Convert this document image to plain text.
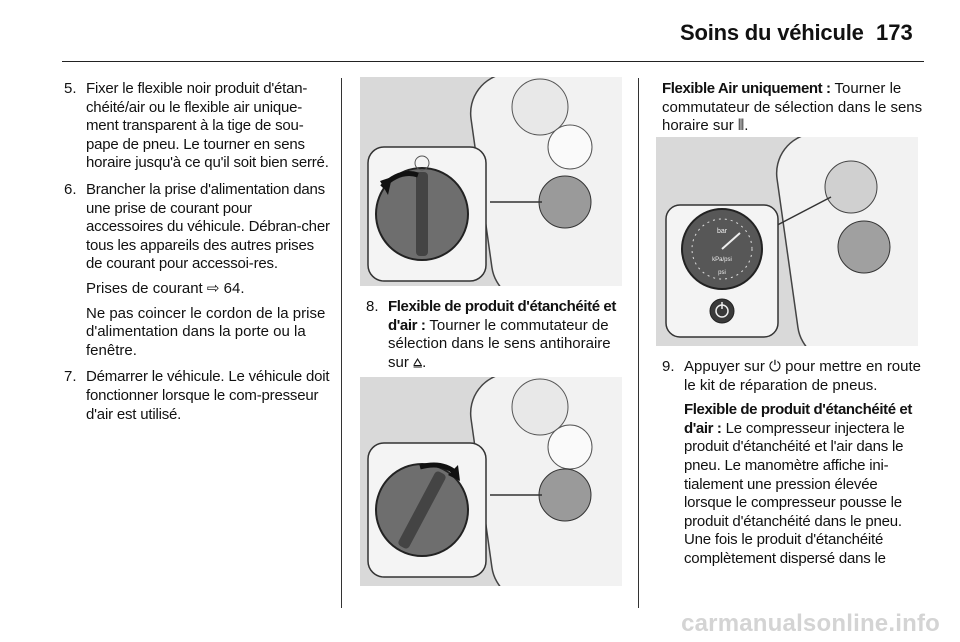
Soins du véhicule 173
5. Fixer le flexible noir produit d'étan-chéité/air ou le flexible air unique-ment transparent à la tige de sou-pape de pneu. Le tourner en sens horaire jusqu'à ce qu'il soit bien serré.
6. Brancher la prise d'alimentation dans une prise de courant pour accessoires du véhicule. Débran-cher tous les appareils des autres prises de courant pour accessoi-res.
Prises de courant ⇨ 64.
Ne pas coincer le cordon de la prise d'alimentation dans la porte ou la fenêtre.
7. Démarrer le véhicule. Le véhicule doit fonctionner lorsque le com-presseur d'air est utilisé.
8. Flexible de produit d'étanchéité et d'air : Tourner le commutateur de sélection dans le sens antihoraire sur ⩠.
Flexible Air uniquement : Tourner le commutateur de sélection dans le sens horaire sur ⫴.
bar
kPa/psi
psi
9. Appuyer sur ⏻ pour mettre en route le kit de réparation de pneus.
Flexible de produit d'étanchéité et d'air : Le compresseur injectera le produit d'étanchéité et l'air dans le pneu. Le manomètre affiche ini-tialement une pression élevée lorsque le compresseur pousse le produit d'étanchéité dans le pneu. Une fois le produit d'étanchéité complètement dispersé dans le
carmanualsonline.info
